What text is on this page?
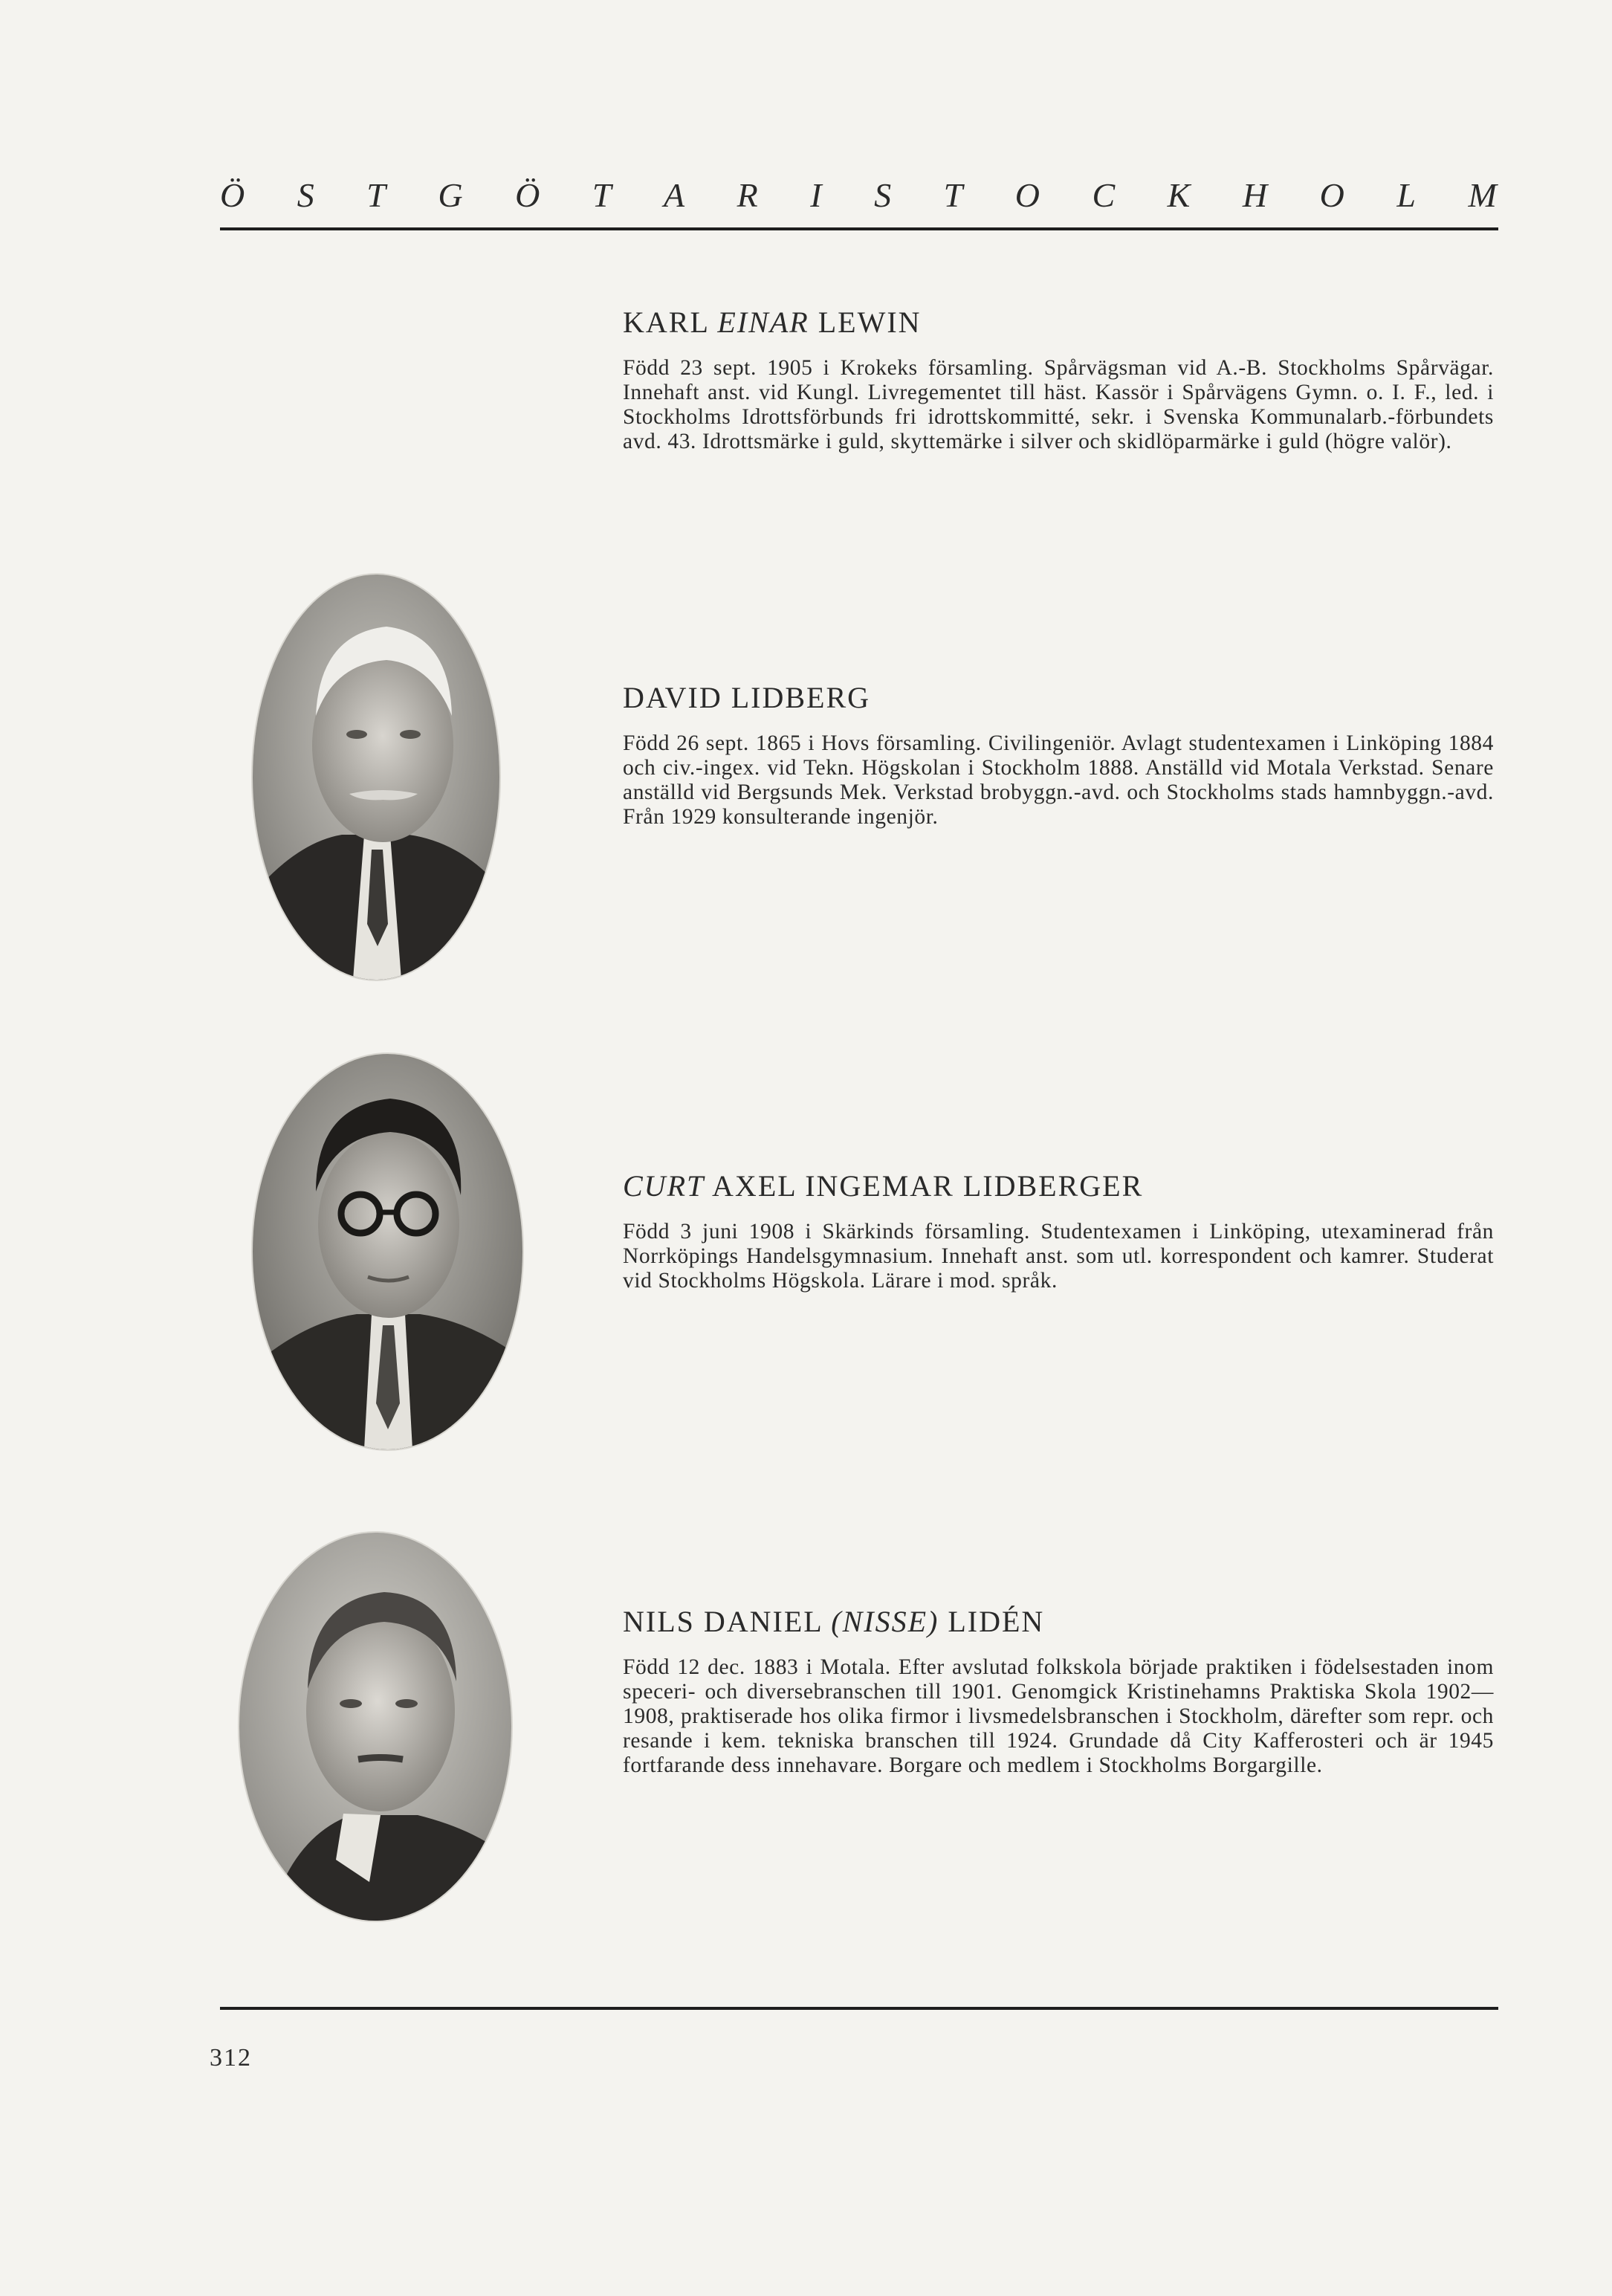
Ö S T G Ö T A R I S T O C K H O L M
KARL EINAR LEWIN

Född 23 sept. 1905 i Krokeks församling. Spårvägsman vid A.-B. Stockholms Spårvägar. Innehaft anst. vid Kungl. Livregementet till häst. Kassör i Spårvägens Gymn. o. I. F., led. i Stockholms Idrottsförbunds fri idrottskommitté, sekr. i Svenska Kommunalarb.-förbundets avd. 43. Idrottsmärke i guld, skyttemärke i silver och skidlöparmärke i guld (högre valör).

DAVID LIDBERG

Född 26 sept. 1865 i Hovs församling. Civilingeniör. Avlagt studentexamen i Linköping 1884 och civ.-ingex. vid Tekn. Högskolan i Stockholm 1888. Anställd vid Motala Verkstad. Senare anställd vid Bergsunds Mek. Verkstad brobyggn.-avd. och Stockholms stads hamnbyggn.-avd. Från 1929 konsulterande ingenjör.

CURT AXEL INGEMAR LIDBERGER

Född 3 juni 1908 i Skärkinds församling. Studentexamen i Linköping, utexaminerad från Norrköpings Handelsgymnasium. Innehaft anst. som utl. korrespondent och kamrer. Studerat vid Stockholms Högskola. Lärare i mod. språk.

NILS DANIEL (NISSE) LIDÉN

Född 12 dec. 1883 i Motala. Efter avslutad folkskola började praktiken i födelsestaden inom speceri- och diversebranschen till 1901. Genomgick Kristinehamns Praktiska Skola 1902—1908, praktiserade hos olika firmor i livsmedelsbranschen i Stockholm, därefter som repr. och resande i kem. tekniska branschen till 1924. Grundade då City Kafferosteri och är 1945 fortfarande dess innehavare. Borgare och medlem i Stockholms Borgargille.

312
